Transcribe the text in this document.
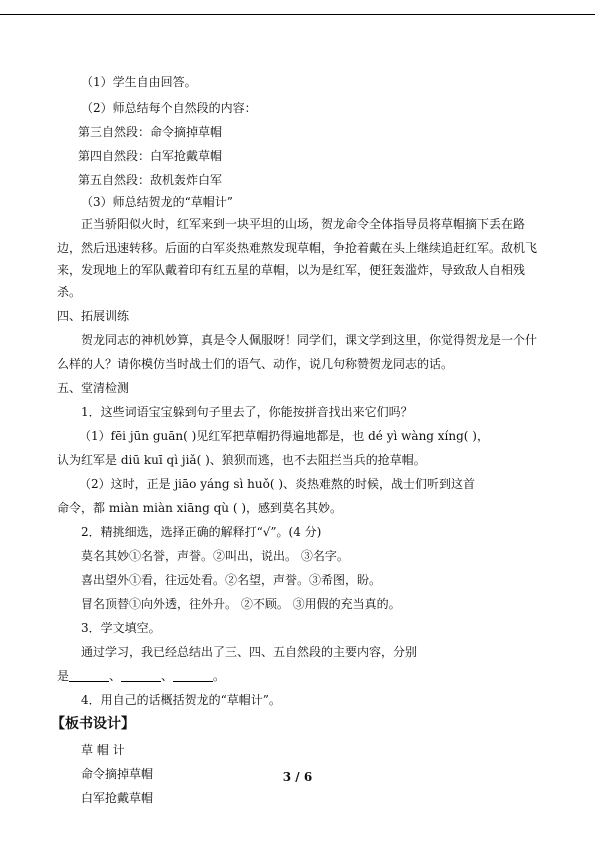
（1）学生自由回答。
（2）师总结每个自然段的内容：
第三自然段：命令摘掉草帽
第四自然段：白军抢戴草帽
第五自然段：敌机轰炸白军
（3）师总结贺龙的“草帽计”
正当骄阳似火时，红军来到一块平坦的山场，贺龙命令全体指导员将草帽摘下丢在路
边，然后迅速转移。后面的白军炎热难熬发现草帽，争抢着戴在头上继续追赶红军。敌机飞
来，发现地上的军队戴着印有红五星的草帽，以为是红军，便狂轰滥炸，导致敌人自相残
杀。
四、拓展训练
贺龙同志的神机妙算，真是令人佩服呀！同学们，课文学到这里，你觉得贺龙是一个什
么样的人？请你模仿当时战士们的语气、动作，说几句称赞贺龙同志的话。
五、堂清检测
1．这些词语宝宝躲到句子里去了，你能按拼音找出来它们吗？
（1）fēi jūn guān( )见红军把草帽扔得遍地都是，也 dé yì wàng xíng( )，
认为红军是 diū kuī qì jiǎ( )、狼狈而逃，也不去阻拦当兵的抢草帽。
（2）这时，正是 jiāo yáng sì huǒ( )、炎热难熬的时候，战士们听到这首
命令，都 miàn miàn xiāng qù ( )，感到莫名其妙。
2．精挑细选，选择正确的解释打“√”。(4 分)
莫名其妙①名誉，声誉。②叫出，说出。 ③名字。
喜出望外①看，往远处看。②名望，声誉。③希图，盼。
冒名顶替①向外透，往外升。 ②不顾。 ③用假的充当真的。
3．学文填空。
通过学习，我已经总结出了三、四、五自然段的主要内容，分别
是	、	、	。
4．用自己的话概括贺龙的“草帽计”。
【板书设计】
草 帽 计
命令摘掉草帽
白军抢戴草帽
3 / 6
